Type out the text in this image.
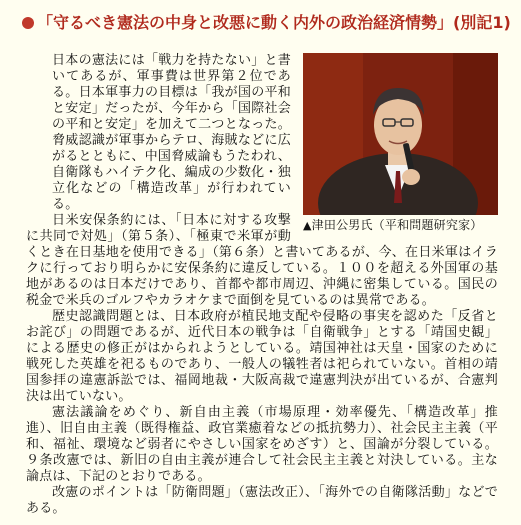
「守るべき憲法の中身と改悪に動く内外の政治経済情勢」(別記1)
▲津田公男氏（平和問題研究家）

日本の憲法には「戦力を持たない」と書いてあるが、軍事費は世界第２位である。日本軍事力の目標は「我が国の平和と安定」だったが、今年から「国際社会の平和と安定」を加えて二つとなった。脅威認識が軍事からテロ、海賊などに広がるとともに、中国脅威論もうたわれ、自衛隊もハイテク化、編成の少数化・独立化などの「構造改革」が行われている。

日米安保条約には、「日本に対する攻撃に共同で対処」（第５条）、「極東で米軍が動くとき在日基地を使用できる」（第６条）と書いてあるが、今、在日米軍はイラクに行っており明らかに安保条約に違反している。１００を超える外国軍の基地があるのは日本だけであり、首都や都市周辺、沖縄に密集している。国民の税金で米兵のゴルフやカラオケまで面倒を見ているのは異常である。

歴史認識問題とは、日本政府が植民地支配や侵略の事実を認めた「反省とお詫び」の問題であるが、近代日本の戦争は「自衛戦争」とする「靖国史観」による歴史の修正がはかられようとしている。靖国神社は天皇・国家のために戦死した英雄を祀るものであり、一般人の犠牲者は祀られていない。首相の靖国参拝の違憲訴訟では、福岡地裁・大阪高裁で違憲判決が出ているが、合憲判決は出ていない。

憲法議論をめぐり、新自由主義（市場原理・効率優先、「構造改革」推進）、旧自由主義（既得権益、政官業癒着などの抵抗勢力）、社会民主主義（平和、福祉、環境など弱者にやさしい国家をめざす）と、国論が分裂している。９条改憲では、新旧の自由主義が連合して社会民主主義と対決している。主な論点は、下記のとおりである。

改憲のポイントは「防衛問題」（憲法改正）、「海外での自衛隊活動」などである。
